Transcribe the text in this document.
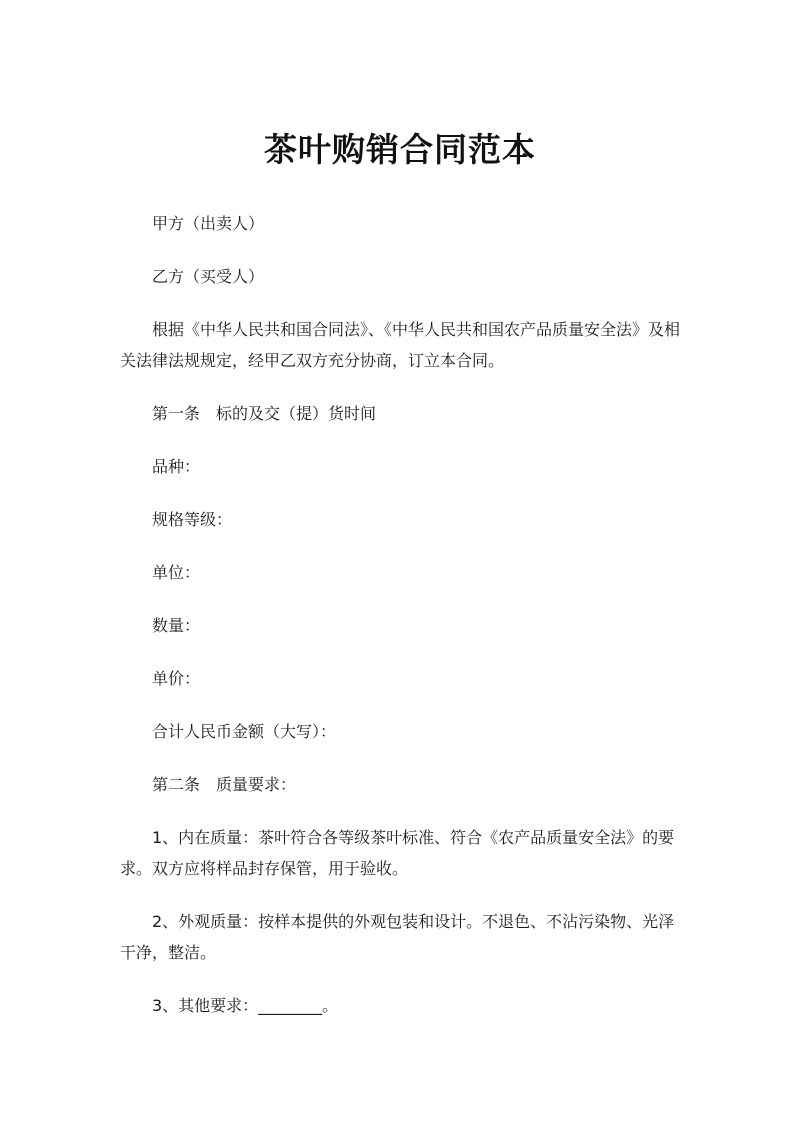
茶叶购销合同范本
甲方（出卖人）
乙方（买受人）
根据《中华人民共和国合同法》、《中华人民共和国农产品质量安全法》及相关法律法规规定，经甲乙双方充分协商，订立本合同。
第一条 标的及交（提）货时间
品种：
规格等级：
单位：
数量：
单价：
合计人民币金额（大写）：
第二条 质量要求：
1、内在质量：茶叶符合各等级茶叶标准、符合《农产品质量安全法》的要求。双方应将样品封存保管，用于验收。
2、外观质量：按样本提供的外观包装和设计。不退色、不沾污染物、光泽干净，整洁。
3、其他要求：________。
